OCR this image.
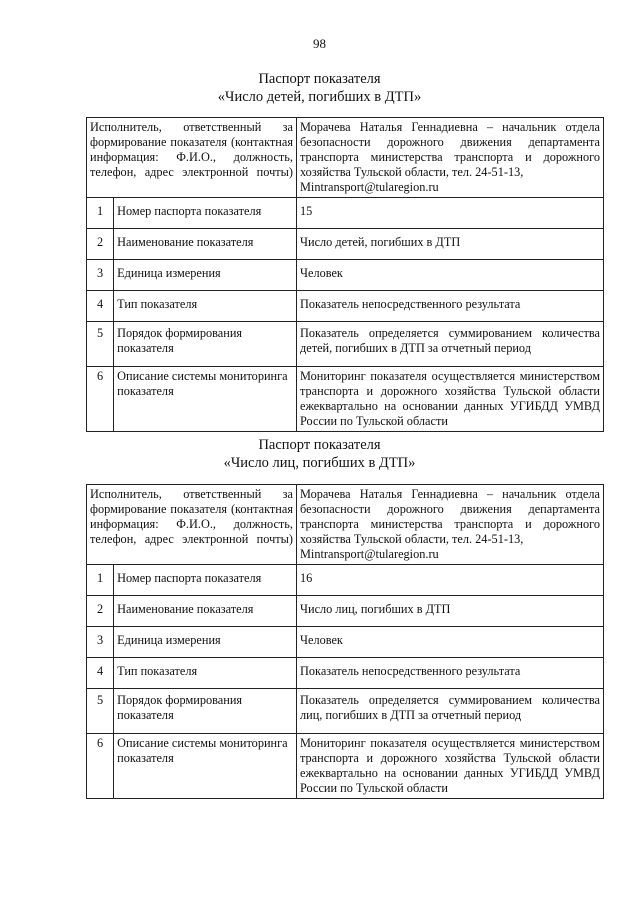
98
Паспорт показателя
«Число детей, погибших в ДТП»
Исполнитель, ответственный за формирование показателя (контактная информация: Ф.И.О., должность, телефон, адрес электронной почты)		Морачева Наталья Геннадиевна – начальник отдела безопасности дорожного движения департамента транспорта министерства транспорта и дорожного хозяйства Тульской области, тел. 24-51-13,
Mintransport@tularegion.ru

1	Номер паспорта показателя	15
2	Наименование показателя	Число детей, погибших в ДТП
3	Единица измерения	Человек
4	Тип показателя	Показатель непосредственного результата
5	Порядок формирования показателя	Показатель определяется суммированием количества детей, погибших в ДТП за отчетный период
6	Описание системы мониторинга показателя	Мониторинг показателя осуществляется министерством транспорта и дорожного хозяйства Тульской области ежеквартально на основании данных УГИБДД УМВД России по Тульской области
Паспорт показателя
«Число лиц, погибших в ДТП»
Исполнитель, ответственный за формирование показателя (контактная информация: Ф.И.О., должность, телефон, адрес электронной почты)		Морачева Наталья Геннадиевна – начальник отдела безопасности дорожного движения департамента транспорта министерства транспорта и дорожного хозяйства Тульской области, тел. 24-51-13,
Mintransport@tularegion.ru

1	Номер паспорта показателя	16
2	Наименование показателя	Число лиц, погибших в ДТП
3	Единица измерения	Человек
4	Тип показателя	Показатель непосредственного результата
5	Порядок формирования показателя	Показатель определяется суммированием количества лиц, погибших в ДТП за отчетный период
6	Описание системы мониторинга показателя	Мониторинг показателя осуществляется министерством транспорта и дорожного хозяйства Тульской области ежеквартально на основании данных УГИБДД УМВД России по Тульской области
